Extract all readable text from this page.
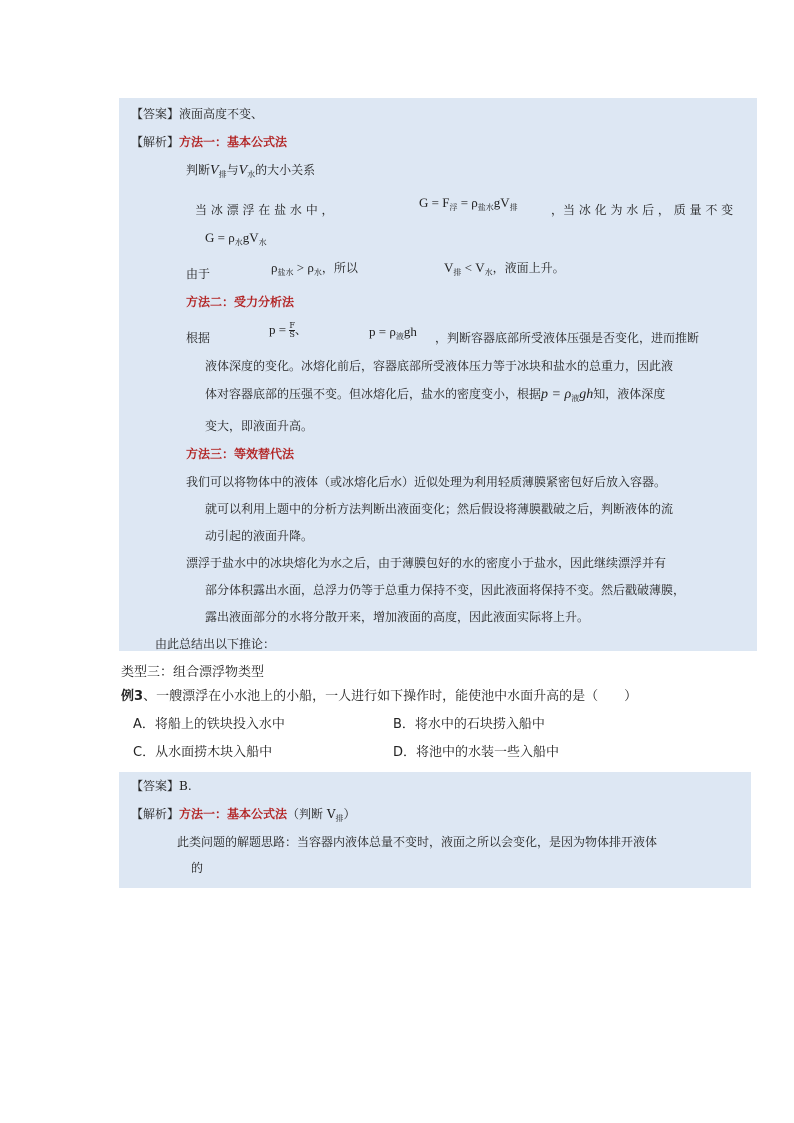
【答案】液面高度不变、
【解析】方法一：基本公式法
判断$V_排$与$V_水$的大小关系
当 冰 漂 浮 在 盐 水 中 ，	$G = F_浮 = \rho_{盐水}gV_排$	，当 冰 化 为 水 后 ， 质 量 不 变
$G = \rho_水gV_水$
由于	$\rho_{盐水} > \rho_水$，所以	$V_排 < V_水$，液面上升。
方法二：受力分析法
根据
$p = \frac{F}{S}$ 、	$p = \rho_液gh$ ，判断容器底部所受液体压强是否变化，进而推断
液体深度的变化。冰熔化前后，容器底部所受液体压力等于冰块和盐水的总重力，因此液
体对容器底部的压强不变。但冰熔化后，盐水的密度变小，根据$p = \rho_液gh$知，液体深度
变大，即液面升高。
方法三：等效替代法
我们可以将物体中的液体（或冰熔化后水）近似处理为利用轻质薄膜紧密包好后放入容器。
就可以利用上题中的分析方法判断出液面变化；然后假设将薄膜戳破之后，判断液体的流
动引起的液面升降。
漂浮于盐水中的冰块熔化为水之后，由于薄膜包好的水的密度小于盐水，因此继续漂浮并有
部分体积露出水面，总浮力仍等于总重力保持不变，因此液面将保持不变。然后戳破薄膜，
露出液面部分的水将分散开来，增加液面的高度，因此液面实际将上升。
由此总结出以下推论：
类型三：组合漂浮物类型
例3、一艘漂浮在小水池上的小船，一人进行如下操作时，能使池中水面升高的是（　　）
A．将船上的铁块投入水中	B．将水中的石块捞入船中
C．从水面捞木块入船中	D．将池中的水装一些入船中
【答案】B.
【解析】方法一：基本公式法（判断 $V_排$）
此类问题的解题思路：当容器内液体总量不变时，液面之所以会变化，是因为物体排开液体
的
